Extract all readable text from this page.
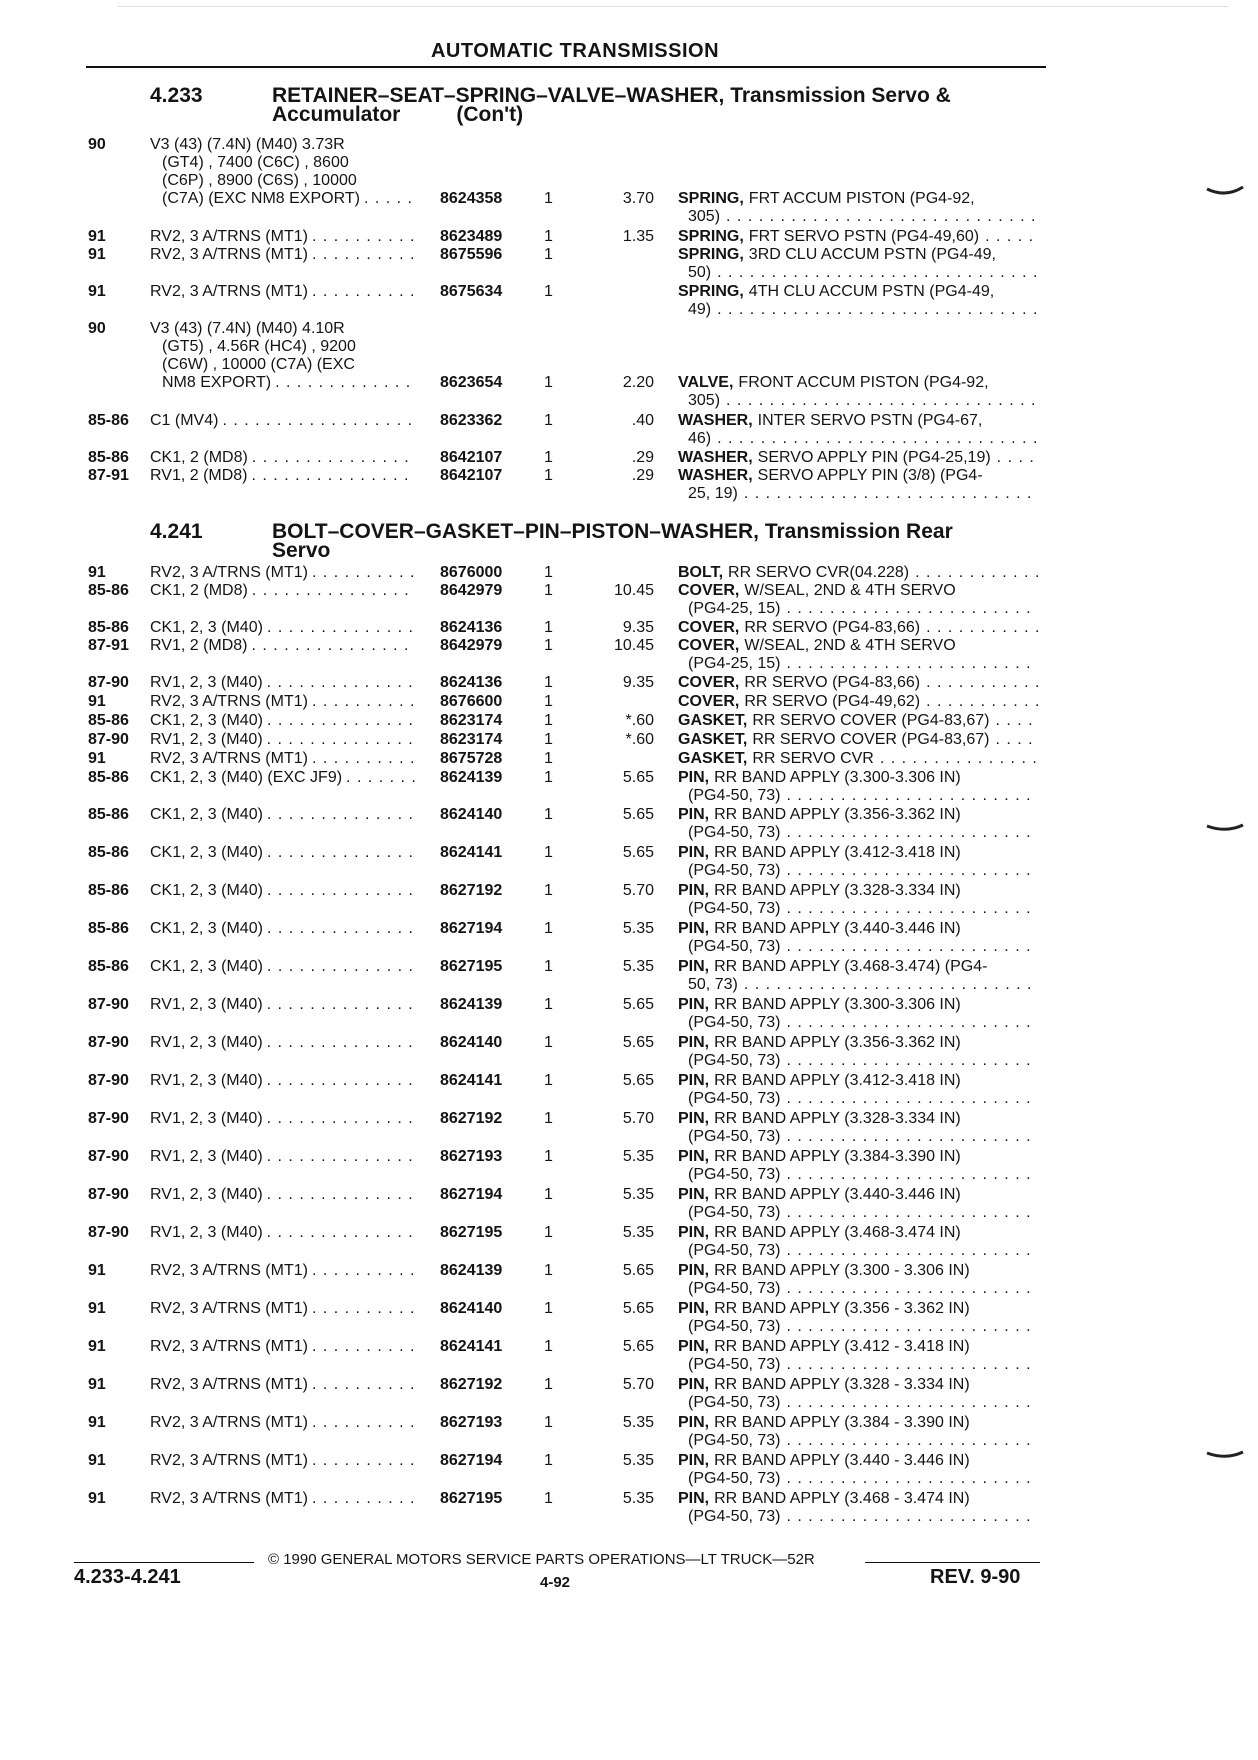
AUTOMATIC TRANSMISSION
4.233	RETAINER–SEAT–SPRING–VALVE–WASHER, Transmission Servo &
Accumulator	(Con't)
90	V3 (43) (7.4N) (M40) 3.73R
(GT4) , 7400 (C6C) , 8600
(C6P) , 8900 (C6S) , 10000
(C7A) (EXC NM8 EXPORT) . . .	8624358	1	3.70 SPRING, FRT ACCUM PISTON (PG4-92,
305)
. . .
91	RV2, 3 A/TRNS (MT1) . . .	8623489	1	1.35 SPRING, FRT SERVO PSTN (PG4-49,60)
. . .
91	RV2, 3 A/TRNS (MT1) . . .	8675596	1	SPRING, 3RD CLU ACCUM PSTN (PG4-49,
50)
. . .
91	RV2, 3 A/TRNS (MT1) . . .	8675634	1	SPRING, 4TH CLU ACCUM PSTN (PG4-49,
49)
. . .
90	V3 (43) (7.4N) (M40) 4.10R
(GT5) , 4.56R (HC4) , 9200
(C6W) , 10000 (C7A) (EXC
NM8 EXPORT) . . .	8623654	1	2.20 VALVE, FRONT ACCUM PISTON (PG4-92,
305)
. . .
85-86	C1 (MV4) . . .	8623362	1	.40 WASHER, INTER SERVO PSTN (PG4-67,
46)
. . .
85-86	CK1, 2 (MD8) . . .	8642107	1	.29 WASHER, SERVO APPLY PIN (PG4-25,19)
. . .
87-91	RV1, 2 (MD8) . . .	8642107	1	.29 WASHER, SERVO APPLY PIN (3/8) (PG4-
25, 19)
. . .
4.241	BOLT–COVER–GASKET–PIN–PISTON–WASHER, Transmission Rear
Servo
91	RV2, 3 A/TRNS (MT1) . . .	8676000	1	BOLT, RR SERVO CVR(04.228)
. . .
85-86	CK1, 2 (MD8) . . .	8642979	1	10.45 COVER, W/SEAL, 2ND & 4TH SERVO
(PG4-25, 15)
. . .
85-86	CK1, 2, 3 (M40) . . .	8624136	1	9.35 COVER, RR SERVO (PG4-83,66)
. . .
87-91	RV1, 2 (MD8) . . .	8642979	1	10.45 COVER, W/SEAL, 2ND & 4TH SERVO
(PG4-25, 15)
. . .
87-90	RV1, 2, 3 (M40) . . .	8624136	1	9.35 COVER, RR SERVO (PG4-83,66)
. . .
91	RV2, 3 A/TRNS (MT1) . . .	8676600	1	COVER, RR SERVO (PG4-49,62)
. . .
85-86	CK1, 2, 3 (M40) . . .	8623174	1	*.60 GASKET, RR SERVO COVER (PG4-83,67)
. . .
87-90	RV1, 2, 3 (M40) . . .	8623174	1	*.60 GASKET, RR SERVO COVER (PG4-83,67)
. . .
91	RV2, 3 A/TRNS (MT1) . . .	8675728	1	GASKET, RR SERVO CVR
. . .
85-86	CK1, 2, 3 (M40) (EXC JF9) . . .	8624139	1	5.65 PIN, RR BAND APPLY (3.300-3.306 IN)
(PG4-50, 73)
. . .
85-86	CK1, 2, 3 (M40) . . .	8624140	1	5.65 PIN, RR BAND APPLY (3.356-3.362 IN)
(PG4-50, 73)
. . .
85-86	CK1, 2, 3 (M40) . . .	8624141	1	5.65 PIN, RR BAND APPLY (3.412-3.418 IN)
(PG4-50, 73)
. . .
85-86	CK1, 2, 3 (M40) . . .	8627192	1	5.70 PIN, RR BAND APPLY (3.328-3.334 IN)
(PG4-50, 73)
. . .
85-86	CK1, 2, 3 (M40) . . .	8627194	1	5.35 PIN, RR BAND APPLY (3.440-3.446 IN)
(PG4-50, 73)
. . .
85-86	CK1, 2, 3 (M40) . . .	8627195	1	5.35 PIN, RR BAND APPLY (3.468-3.474) (PG4-
50, 73)
. . .
87-90	RV1, 2, 3 (M40) . . .	8624139	1	5.65 PIN, RR BAND APPLY (3.300-3.306 IN)
(PG4-50, 73)
. . .
87-90	RV1, 2, 3 (M40) . . .	8624140	1	5.65 PIN, RR BAND APPLY (3.356-3.362 IN)
(PG4-50, 73)
. . .
87-90	RV1, 2, 3 (M40) . . .	8624141	1	5.65 PIN, RR BAND APPLY (3.412-3.418 IN)
(PG4-50, 73)
. . .
87-90	RV1, 2, 3 (M40) . . .	8627192	1	5.70 PIN, RR BAND APPLY (3.328-3.334 IN)
(PG4-50, 73)
. . .
87-90	RV1, 2, 3 (M40) . . .	8627193	1	5.35 PIN, RR BAND APPLY (3.384-3.390 IN)
(PG4-50, 73)
. . .
87-90	RV1, 2, 3 (M40) . . .	8627194	1	5.35 PIN, RR BAND APPLY (3.440-3.446 IN)
(PG4-50, 73)
. . .
87-90	RV1, 2, 3 (M40) . . .	8627195	1	5.35 PIN, RR BAND APPLY (3.468-3.474 IN)
(PG4-50, 73)
. . .
91	RV2, 3 A/TRNS (MT1) . . .	8624139	1	5.65 PIN, RR BAND APPLY (3.300 - 3.306 IN)
(PG4-50, 73)
. . .
91	RV2, 3 A/TRNS (MT1) . . .	8624140	1	5.65 PIN, RR BAND APPLY (3.356 - 3.362 IN)
(PG4-50, 73)
. . .
91	RV2, 3 A/TRNS (MT1) . . .	8624141	1	5.65 PIN, RR BAND APPLY (3.412 - 3.418 IN)
(PG4-50, 73)
. . .
91	RV2, 3 A/TRNS (MT1) . . .	8627192	1	5.70 PIN, RR BAND APPLY (3.328 - 3.334 IN)
(PG4-50, 73)
. . .
91	RV2, 3 A/TRNS (MT1) . . .	8627193	1	5.35 PIN, RR BAND APPLY (3.384 - 3.390 IN)
(PG4-50, 73)
. . .
91	RV2, 3 A/TRNS (MT1) . . .	8627194	1	5.35 PIN, RR BAND APPLY (3.440 - 3.446 IN)
(PG4-50, 73)
. . .
91	RV2, 3 A/TRNS (MT1) . . .	8627195	1	5.35 PIN, RR BAND APPLY (3.468 - 3.474 IN)
(PG4-50, 73)
. . .
© 1990 GENERAL MOTORS SERVICE PARTS OPERATIONS—LT TRUCK—52R
4.233-4.241	4-92	REV. 9-90
